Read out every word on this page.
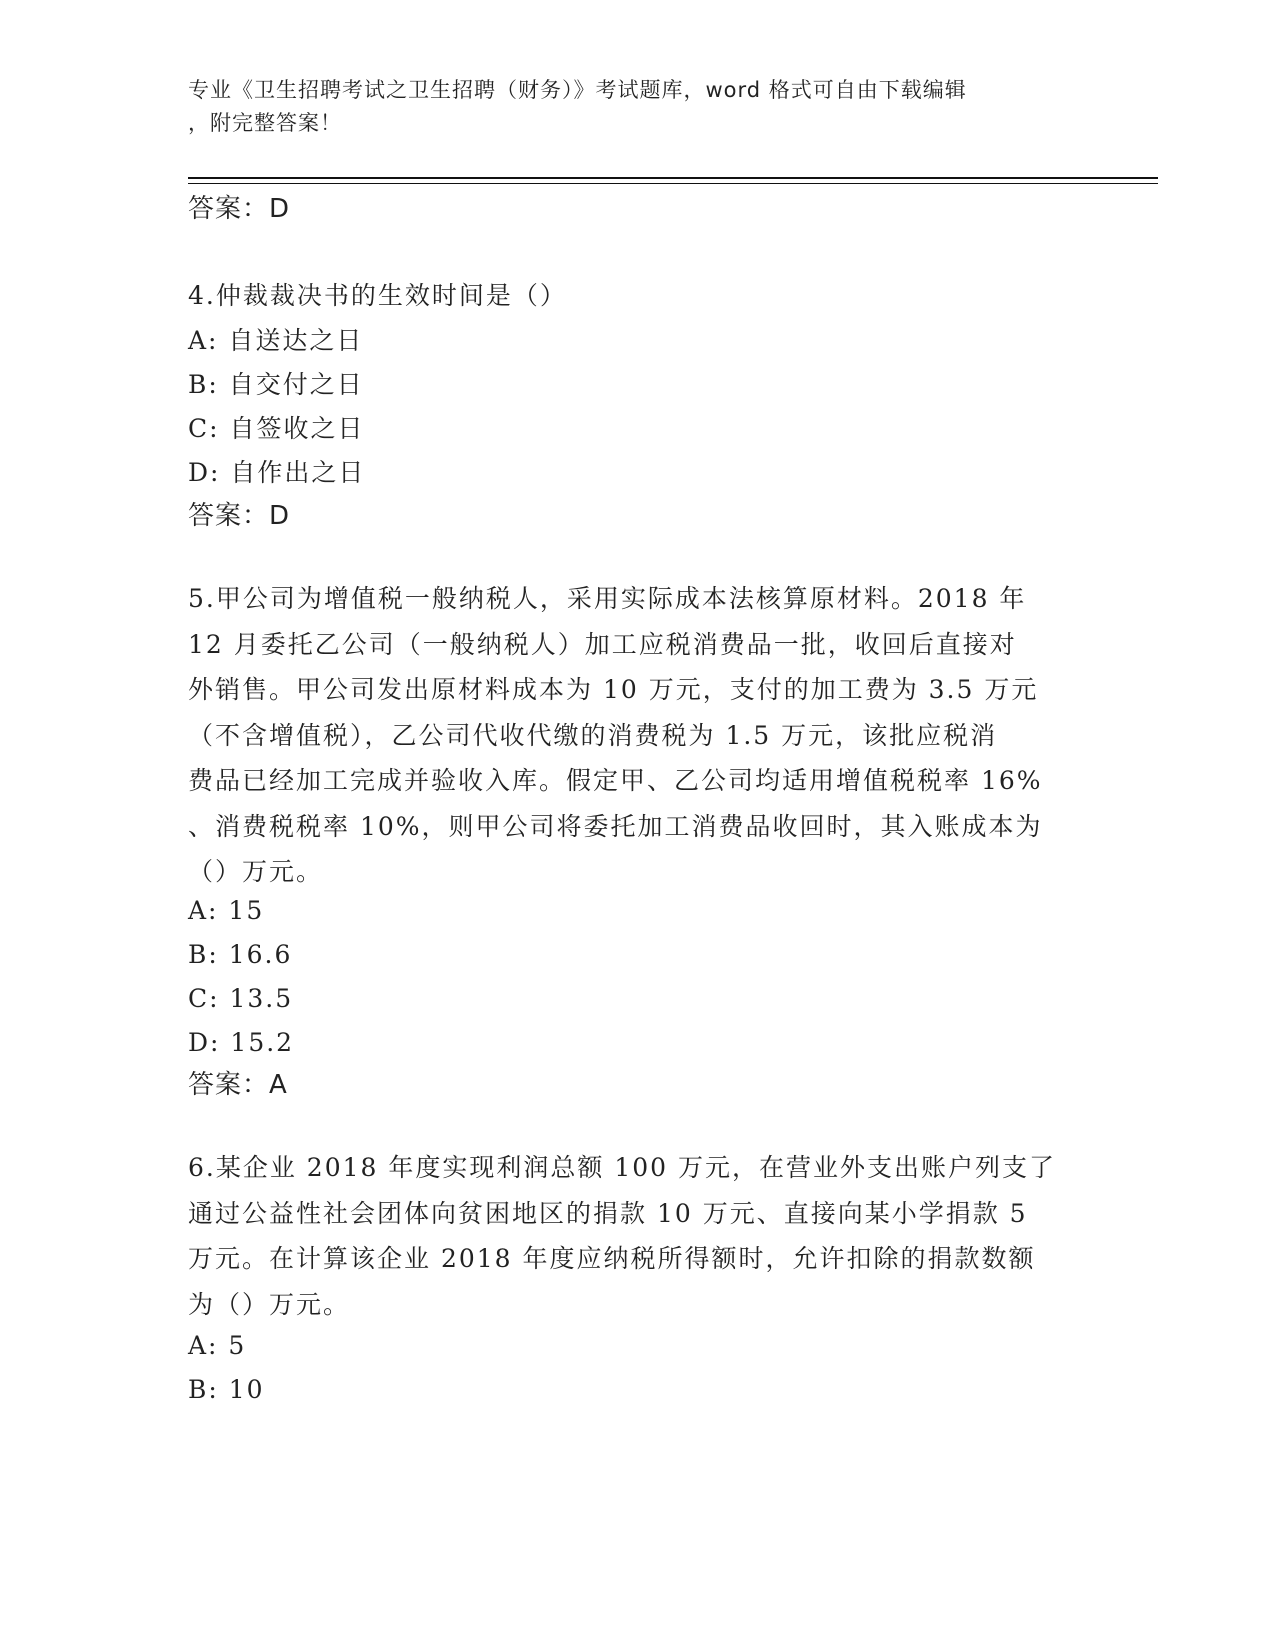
专业《卫生招聘考试之卫生招聘（财务）》考试题库，word 格式可自由下载编辑
，附完整答案！
答案：D
4.仲裁裁决书的生效时间是（）
A: 自送达之日
B: 自交付之日
C: 自签收之日
D: 自作出之日
答案：D
5.甲公司为增值税一般纳税人，采用实际成本法核算原材料。2018 年
12 月委托乙公司（一般纳税人）加工应税消费品一批，收回后直接对
外销售。甲公司发出原材料成本为 10 万元，支付的加工费为 3.5 万元
（不含增值税），乙公司代收代缴的消费税为 1.5 万元，该批应税消
费品已经加工完成并验收入库。假定甲、乙公司均适用增值税税率 16%
、消费税税率 10%，则甲公司将委托加工消费品收回时，其入账成本为
（）万元。
A: 15
B: 16.6
C: 13.5
D: 15.2
答案：A
6.某企业 2018 年度实现利润总额 100 万元，在营业外支出账户列支了
通过公益性社会团体向贫困地区的捐款 10 万元、直接向某小学捐款 5
万元。在计算该企业 2018 年度应纳税所得额时，允许扣除的捐款数额
为（）万元。
A: 5
B: 10
